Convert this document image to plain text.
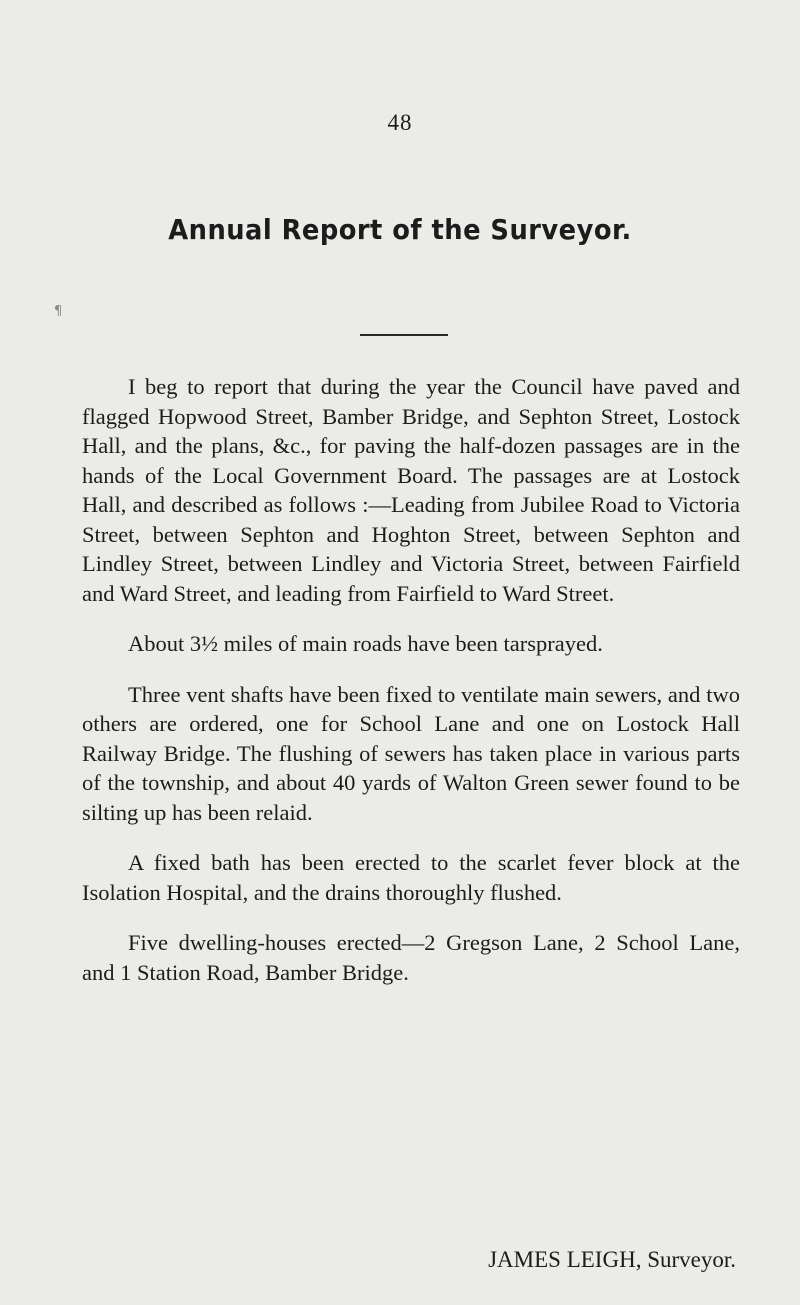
48
¶
Annual Report of the Surveyor.

I beg to report that during the year the Council have paved and flagged Hopwood Street, Bamber Bridge, and Sephton Street, Lostock Hall, and the plans, &c., for paving the half-dozen passages are in the hands of the Local Government Board. The passages are at Lostock Hall, and described as follows :—Leading from Jubilee Road to Victoria Street, between Sephton and Hoghton Street, between Sephton and Lindley Street, between Lindley and Victoria Street, between Fairfield and Ward Street, and leading from Fairfield to Ward Street.

About 3½ miles of main roads have been tarsprayed.

Three vent shafts have been fixed to ventilate main sewers, and two others are ordered, one for School Lane and one on Lostock Hall Railway Bridge. The flushing of sewers has taken place in various parts of the township, and about 40 yards of Walton Green sewer found to be silting up has been relaid.

A fixed bath has been erected to the scarlet fever block at the Isolation Hospital, and the drains thoroughly flushed.

Five dwelling-houses erected—2 Gregson Lane, 2 School Lane, and 1 Station Road, Bamber Bridge.

JAMES LEIGH, Surveyor.
